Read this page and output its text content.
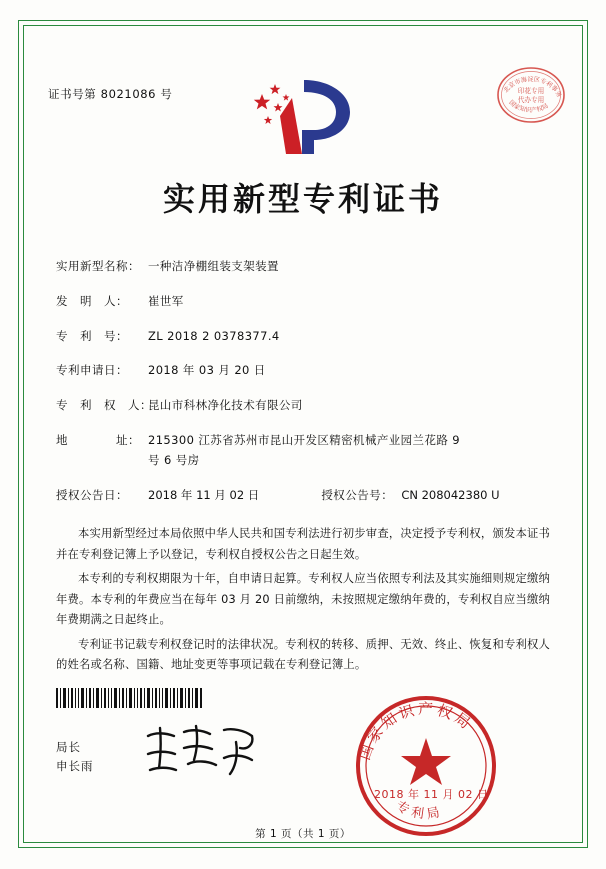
证书号第 8021086 号	北京市海淀区专利事务
印花专用
代办专用
国家知识产权局
实用新型专利证书
实用新型名称： 一种洁净棚组装支架装置
发　明　人：	崔世军
专　利　号：	ZL 2018 2 0378377.4
专利申请日：	2018 年 03 月 20 日
专　利　权　人：
昆山市科林净化技术有限公司
地　　　　址： 215300 江苏省苏州市昆山开发区精密机械产业园兰花路 9
号 6 号房
授权公告日：	2018 年 11 月 02 日	授权公告号： CN 208042380 U

本实用新型经过本局依照中华人民共和国专利法进行初步审查，决定授予专利权，颁发本证书并在专利登记簿上予以登记，专利权自授权公告之日起生效。

本专利的专利权期限为十年，自申请日起算。专利权人应当依照专利法及其实施细则规定缴纳年费。本专利的年费应当在每年 03 月 20 日前缴纳，未按照规定缴纳年费的，专利权自应当缴纳年费期满之日起终止。

专利证书记载专利权登记时的法律状况。专利权的转移、质押、无效、终止、恢复和专利权人的姓名或名称、国籍、地址变更等事项记载在专利登记簿上。

局长
申长雨
国家知识产权局
专利局
2018 年 11 月 02 日
第 1 页（共 1 页）
